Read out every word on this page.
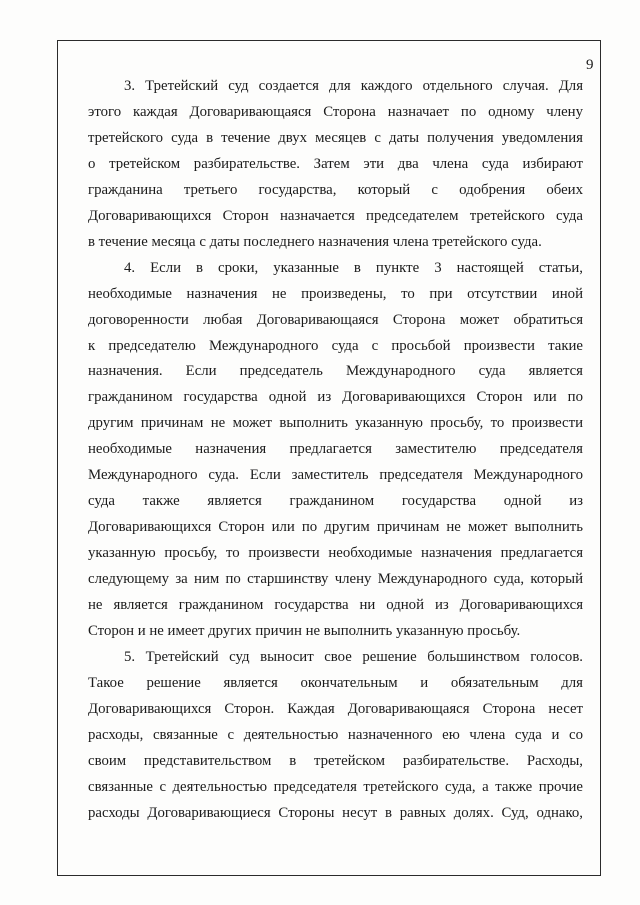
9
3. Третейский суд создается для каждого отдельного случая. Для
этого каждая Договаривающаяся Сторона назначает по одному члену
третейского суда в течение двух месяцев с даты получения уведомления
о третейском разбирательстве. Затем эти два члена суда избирают
гражданина третьего государства, который с одобрения обеих
Договаривающихся Сторон назначается председателем третейского суда
в течение месяца с даты последнего назначения члена третейского суда.
4. Если в сроки, указанные в пункте 3 настоящей статьи,
необходимые назначения не произведены, то при отсутствии иной
договоренности любая Договаривающаяся Сторона может обратиться
к председателю Международного суда с просьбой произвести такие
назначения. Если председатель Международного суда является
гражданином государства одной из Договаривающихся Сторон или по
другим причинам не может выполнить указанную просьбу, то произвести
необходимые назначения предлагается заместителю председателя
Международного суда. Если заместитель председателя Международного
суда также является гражданином государства одной из
Договаривающихся Сторон или по другим причинам не может выполнить
указанную просьбу, то произвести необходимые назначения предлагается
следующему за ним по старшинству члену Международного суда, который
не является гражданином государства ни одной из Договаривающихся
Сторон и не имеет других причин не выполнить указанную просьбу.
5. Третейский суд выносит свое решение большинством голосов.
Такое решение является окончательным и обязательным для
Договаривающихся Сторон. Каждая Договаривающаяся Сторона несет
расходы, связанные с деятельностью назначенного ею члена суда и со
своим представительством в третейском разбирательстве. Расходы,
связанные с деятельностью председателя третейского суда, а также прочие
расходы Договаривающиеся Стороны несут в равных долях. Суд, однако,
